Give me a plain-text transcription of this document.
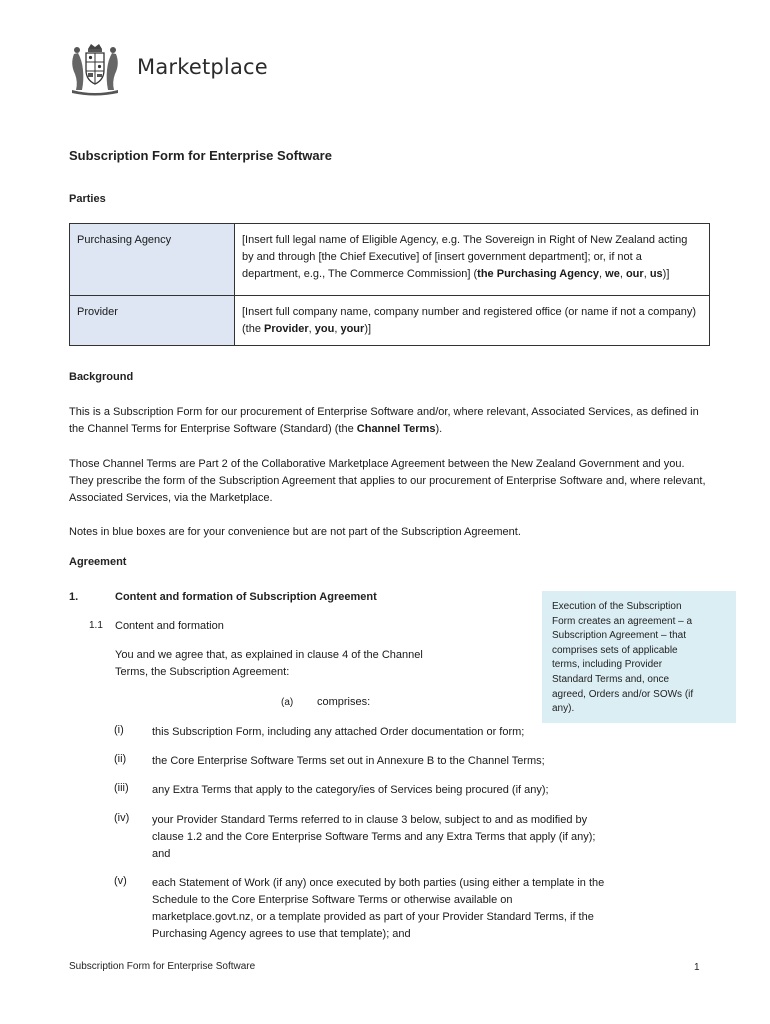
Marketplace
Subscription Form for Enterprise Software
Parties
Purchasing Agency	[Insert full legal name of Eligible Agency, e.g. The Sovereign in Right of New Zealand acting by and through [the Chief Executive] of [insert government department]; or, if not a department, e.g., The Commerce Commission] (the Purchasing Agency, we, our, us)]
Provider	[Insert full company name, company number and registered office (or name if not a company) (the Provider, you, your)]
Background
This is a Subscription Form for our procurement of Enterprise Software and/or, where relevant, Associated Services, as defined in the Channel Terms for Enterprise Software (Standard) (the Channel Terms).
Those Channel Terms are Part 2 of the Collaborative Marketplace Agreement between the New Zealand Government and you. They prescribe the form of the Subscription Agreement that applies to our procurement of Enterprise Software and, where relevant, Associated Services, via the Marketplace.
Notes in blue boxes are for your convenience but are not part of the Subscription Agreement.
Agreement
1.	Content and formation of Subscription Agreement
1.1 Content and formation
You and we agree that, as explained in clause 4 of the Channel
Terms, the Subscription Agreement:
(a) comprises:
Execution of the Subscription
Form creates an agreement – a
Subscription Agreement – that
comprises sets of applicable
terms, including Provider
Standard Terms and, once
agreed, Orders and/or SOWs (if
any).
(i)	this Subscription Form, including any attached Order documentation or form;
(ii)	the Core Enterprise Software Terms set out in Annexure B to the Channel Terms;
(iii)	any Extra Terms that apply to the category/ies of Services being procured (if any);
(iv)	your Provider Standard Terms referred to in clause 3 below, subject to and as modified by
clause 1.2 and the Core Enterprise Software Terms and any Extra Terms that apply (if any);
and
(v)	each Statement of Work (if any) once executed by both parties (using either a template in the
Schedule to the Core Enterprise Software Terms or otherwise available on
marketplace.govt.nz, or a template provided as part of your Provider Standard Terms, if the
Purchasing Agency agrees to use that template); and
Subscription Form for Enterprise Software	1
